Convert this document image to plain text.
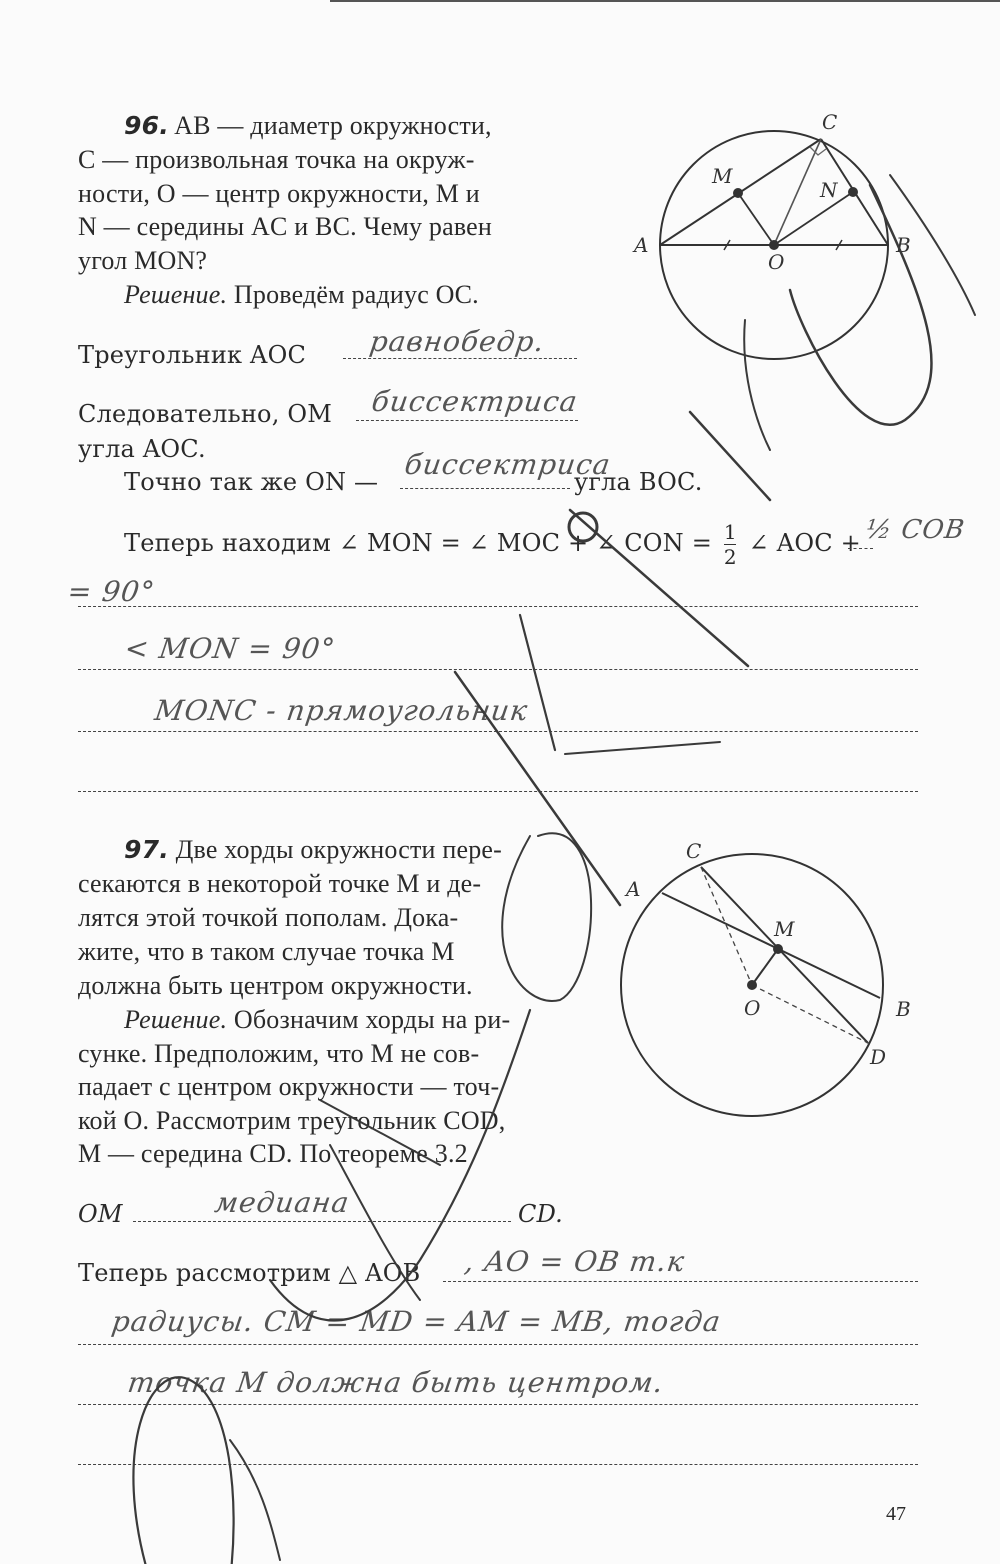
96. AB — диаметр окружности,
C — произвольная точка на окруж-
ности, O — центр окружности, M и
N — середины AC и BC. Чему равен
угол MON?
Решение. Проведём радиус OC.
Треугольник AOC равнобедр.
Следовательно, OM биссектриса
угла AOC.
Точно так же ON —
биссектриса
угла BOC.
Теперь находим ∠ MON = ∠ MOC + ∠ CON = $\frac{1}{2}$ ∠ AOC + ½ COB
= 90°
< MON = 90°
MONC - прямоугольник
A	B
C
M
N
O
97. Две хорды окружности пере-
секаются в некоторой точке M и де-
лятся этой точкой пополам. Дока-
жите, что в таком случае точка M
должна быть центром окружности.
Решение. Обозначим хорды на ри-
сунке. Предположим, что M не сов-
падает с центром окружности — точ-
кой O. Рассмотрим треугольник COD,
M — середина CD. По теореме 3.2
OM	медиана	CD.
Теперь рассмотрим △ AOB , AO = OB т.к
радиусы. CM = MD = AM = MB, тогда
точка M должна быть центром.
A
C
M
O	B
D
47
